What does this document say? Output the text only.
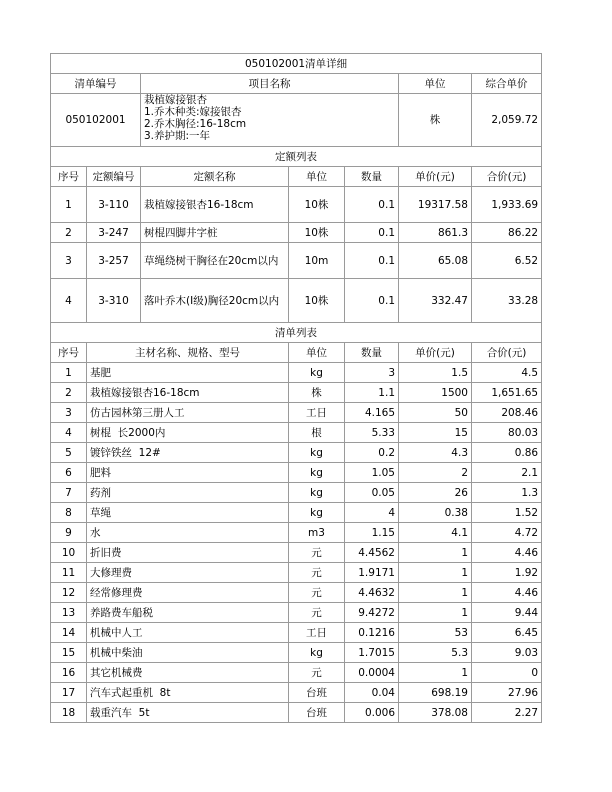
050102001清单详细						
清单编号		项目名称			单位	综合单价
050102001		栽植嫁接银杏
1.乔木种类:嫁接银杏
2.乔木胸径:16-18cm
3.养护期:一年			株	2,059.72
定额列表						
序号	定额编号	定额名称	单位	数量	单价(元)	合价(元)
1	3-110	栽植嫁接银杏16-18cm	10株	0.1	19317.58	1,933.69
2	3-247	树棍四脚井字桩	10株	0.1	861.3	86.22
3	3-257	草绳绕树干胸径在20cm以内	10m	0.1	65.08	6.52
4	3-310	落叶乔木(I级)胸径20cm以内	10株	0.1	332.47	33.28
清单列表						
序号	主材名称、规格、型号		单位	数量	单价(元)	合价(元)
1	基肥		kg	3	1.5	4.5
2	栽植嫁接银杏16-18cm		株	1.1	1500	1,651.65
3	仿古园林第三册人工		工日	4.165	50	208.46
4	树棍  长2000内		根	5.33	15	80.03
5	镀锌铁丝  12#		kg	0.2	4.3	0.86
6	肥料		kg	1.05	2	2.1
7	药剂		kg	0.05	26	1.3
8	草绳		kg	4	0.38	1.52
9	水		m3	1.15	4.1	4.72
10	折旧费		元	4.4562	1	4.46
11	大修理费		元	1.9171	1	1.92
12	经常修理费		元	4.4632	1	4.46
13	养路费车船税		元	9.4272	1	9.44
14	机械中人工		工日	0.1216	53	6.45
15	机械中柴油		kg	1.7015	5.3	9.03
16	其它机械费		元	0.0004	1	0
17	汽车式起重机  8t		台班	0.04	698.19	27.96
18	载重汽车  5t		台班	0.006	378.08	2.27
